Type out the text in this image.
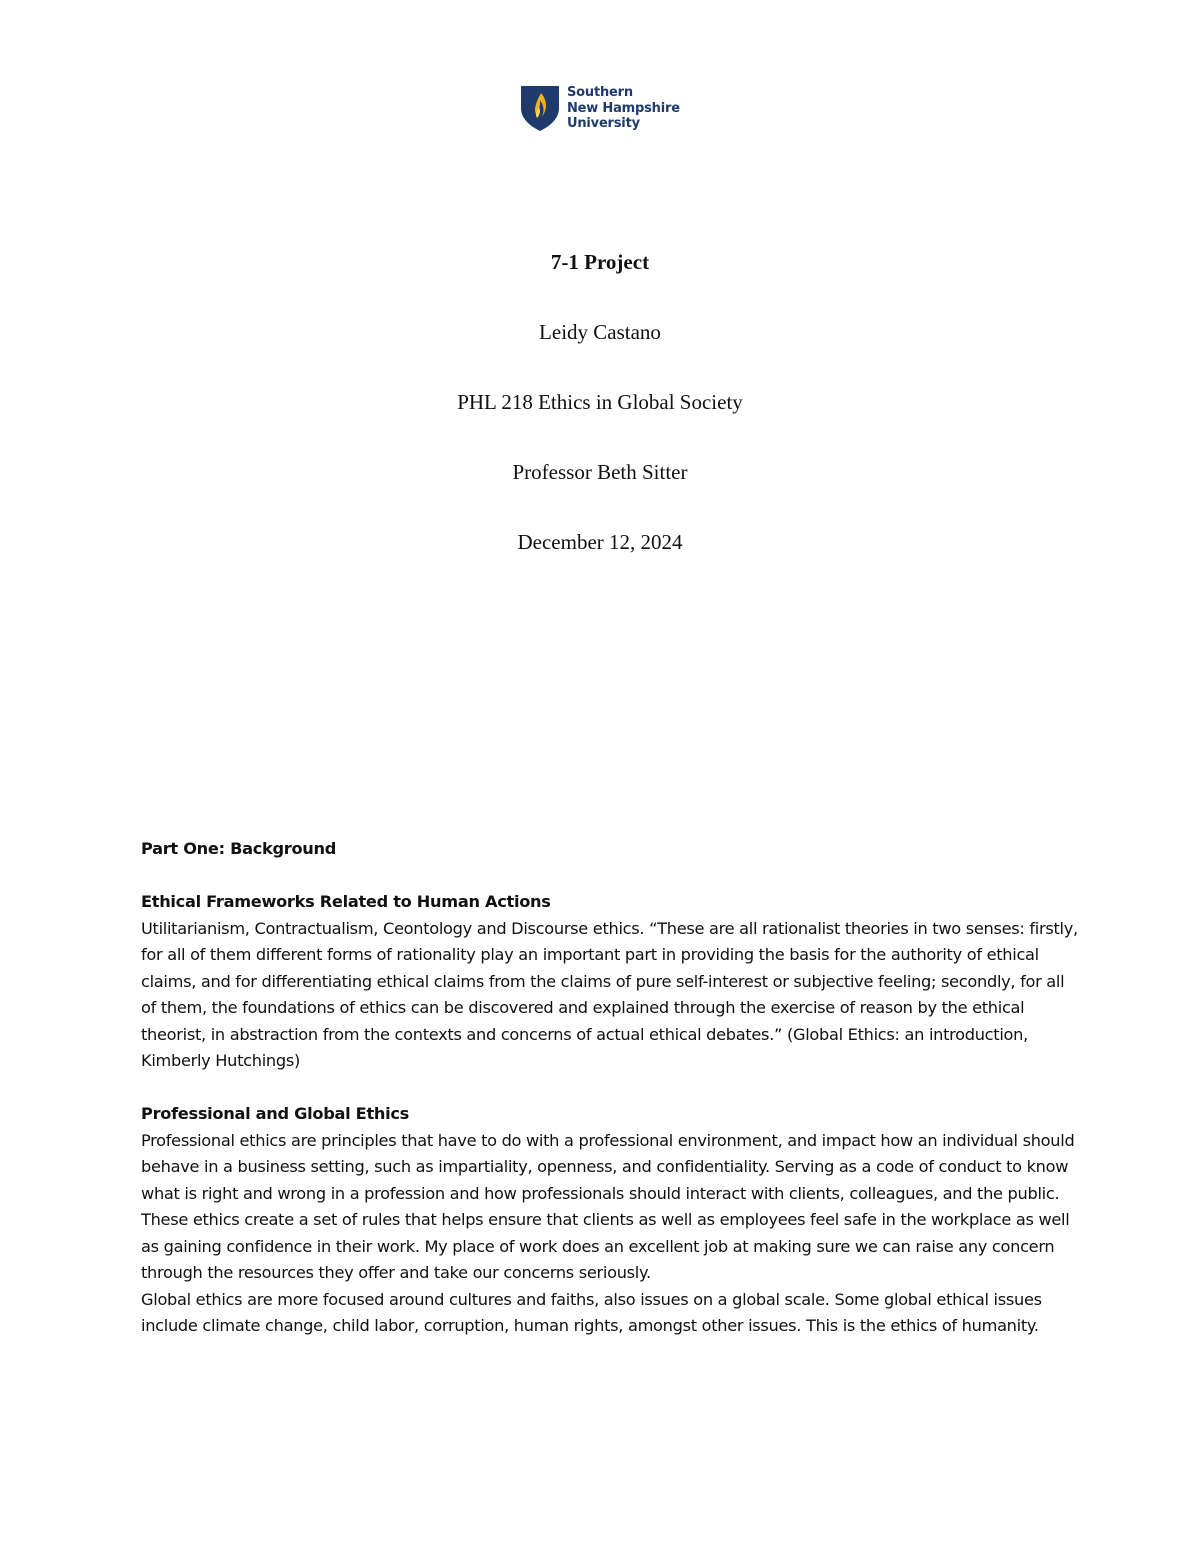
Southern
New Hampshire
University
7-1 Project
Leidy Castano
PHL 218 Ethics in Global Society
Professor Beth Sitter
December 12, 2024
Part One: Background
Ethical Frameworks Related to Human Actions

Utilitarianism, Contractualism, Ceontology and Discourse ethics. “These are all rationalist theories in two senses: firstly, for all of them different forms of rationality play an important part in providing the basis for the authority of ethical claims, and for differentiating ethical claims from the claims of pure self-interest or subjective feeling; secondly, for all of them, the foundations of ethics can be discovered and explained through the exercise of reason by the ethical theorist, in abstraction from the contexts and concerns of actual ethical debates.” (Global Ethics: an introduction, Kimberly Hutchings)

Professional and Global Ethics

Professional ethics are principles that have to do with a professional environment, and impact how an individual should behave in a business setting, such as impartiality, openness, and confidentiality. Serving as a code of conduct to know what is right and wrong in a profession and how professionals should interact with clients, colleagues, and the public. These ethics create a set of rules that helps ensure that clients as well as employees feel safe in the workplace as well as gaining confidence in their work. My place of work does an excellent job at making sure we can raise any concern through the resources they offer and take our concerns seriously.

Global ethics are more focused around cultures and faiths, also issues on a global scale. Some global ethical issues include climate change, child labor, corruption, human rights, amongst other issues. This is the ethics of humanity.
